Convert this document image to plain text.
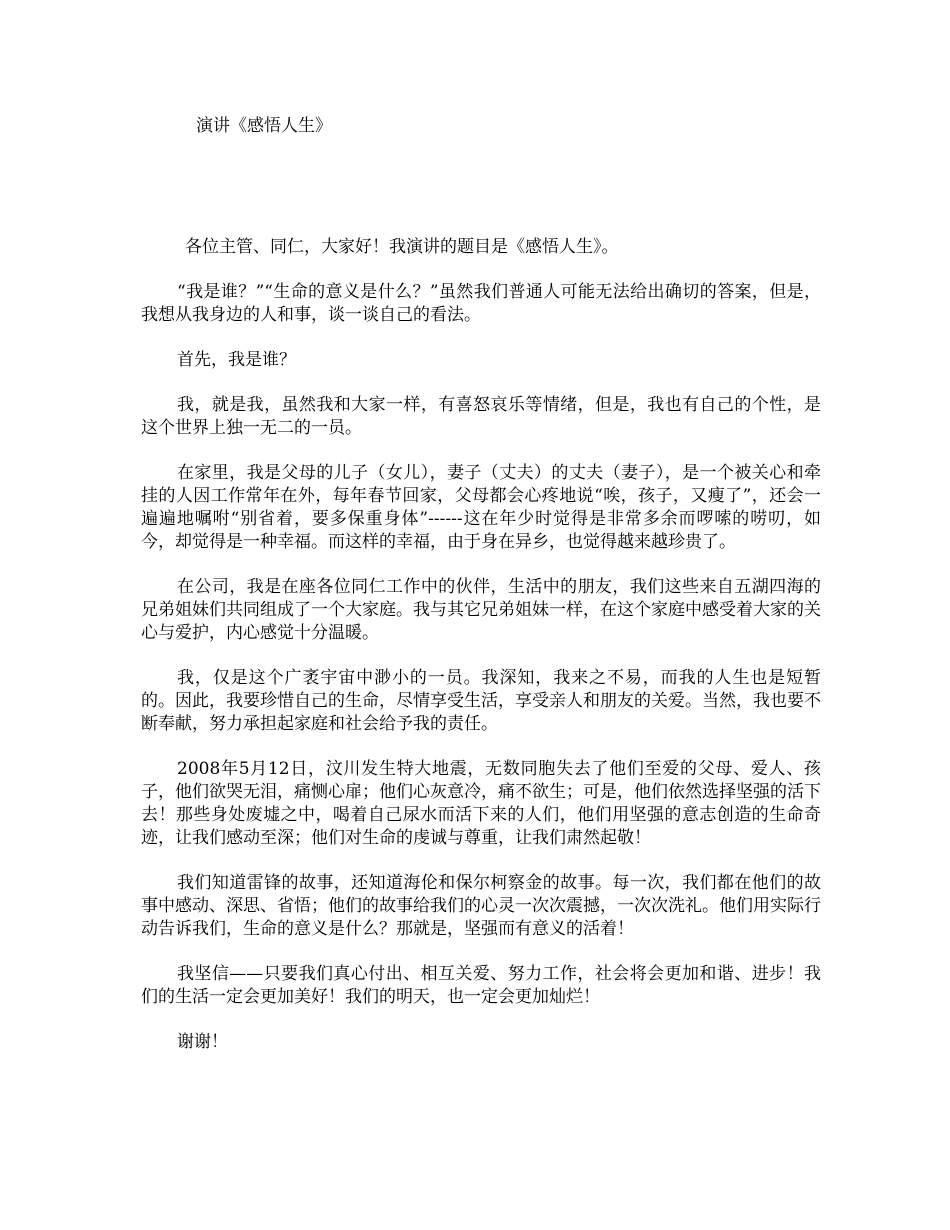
演讲《感悟人生》

各位主管、同仁，大家好！我演讲的题目是《感悟人生》。

“我是谁？”“生命的意义是什么？”虽然我们普通人可能无法给出确切的答案，但是，我想从我身边的人和事，谈一谈自己的看法。

首先，我是谁？

我，就是我，虽然我和大家一样，有喜怒哀乐等情绪，但是，我也有自己的个性，是这个世界上独一无二的一员。

在家里，我是父母的儿子（女儿），妻子（丈夫）的丈夫（妻子），是一个被关心和牵挂的人因工作常年在外，每年春节回家，父母都会心疼地说“唉，孩子，又瘦了”，还会一遍遍地嘱咐“别省着，要多保重身体”------这在年少时觉得是非常多余而啰嗦的唠叨，如今，却觉得是一种幸福。而这样的幸福，由于身在异乡，也觉得越来越珍贵了。

在公司，我是在座各位同仁工作中的伙伴，生活中的朋友，我们这些来自五湖四海的兄弟姐妹们共同组成了一个大家庭。我与其它兄弟姐妹一样，在这个家庭中感受着大家的关心与爱护，内心感觉十分温暖。

我，仅是这个广袤宇宙中渺小的一员。我深知，我来之不易，而我的人生也是短暂的。因此，我要珍惜自己的生命，尽情享受生活，享受亲人和朋友的关爱。当然，我也要不断奉献，努力承担起家庭和社会给予我的责任。

2008年5月12日，汶川发生特大地震，无数同胞失去了他们至爱的父母、爱人、孩子，他们欲哭无泪，痛恻心扉；他们心灰意冷，痛不欲生；可是，他们依然选择坚强的活下去！那些身处废墟之中，喝着自己尿水而活下来的人们，他们用坚强的意志创造的生命奇迹，让我们感动至深；他们对生命的虔诚与尊重，让我们肃然起敬！

我们知道雷锋的故事，还知道海伦和保尔柯察金的故事。每一次，我们都在他们的故事中感动、深思、省悟；他们的故事给我们的心灵一次次震撼，一次次洗礼。他们用实际行动告诉我们，生命的意义是什么？那就是，坚强而有意义的活着！

我坚信——只要我们真心付出、相互关爱、努力工作，社会将会更加和谐、进步！我们的生活一定会更加美好！我们的明天，也一定会更加灿烂！

谢谢！
